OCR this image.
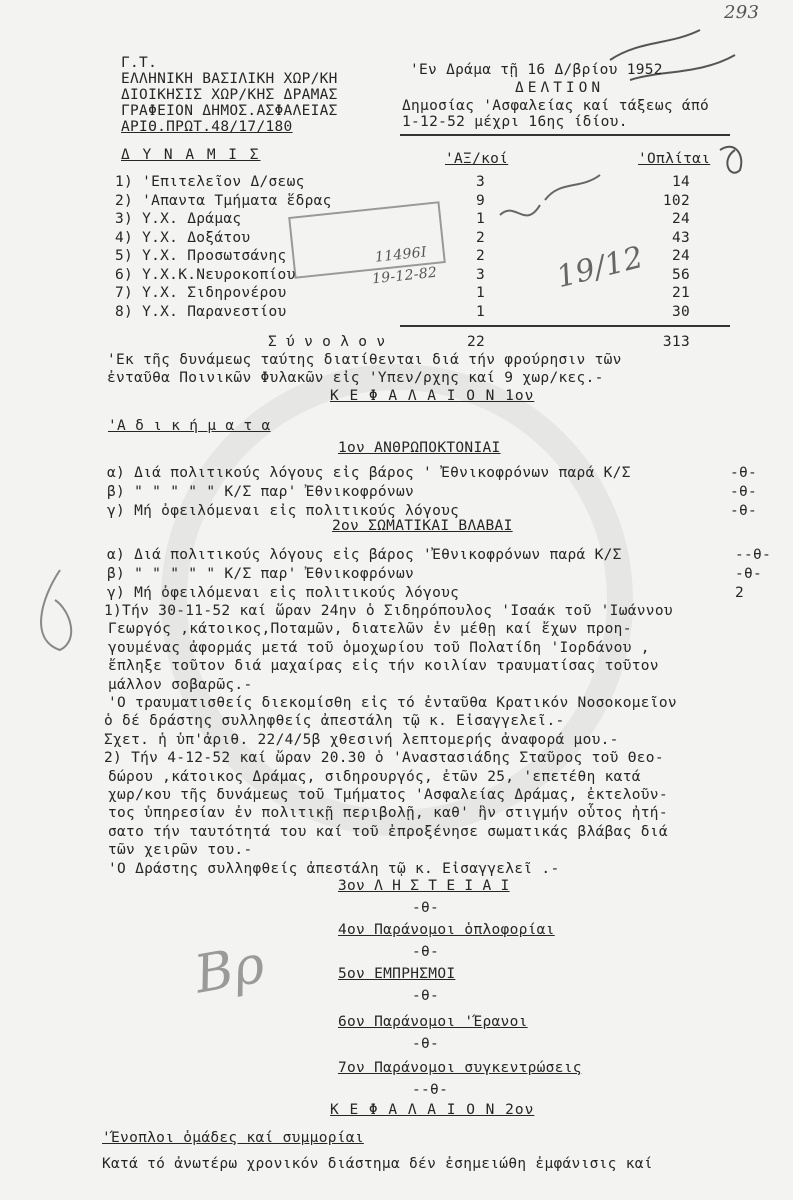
293
11496Ι
19-12-82	19/12
Βρ
Γ.Τ.
ΕΛΛΗΝΙΚΗ ΒΑΣΙΛΙΚΗ ΧΩΡ/ΚΗ
ΔΙΟΙΚΗΣΙΣ ΧΩΡ/ΚΗΣ ΔΡΑΜΑΣ
ΓΡΑΦΕΙΟΝ ΔΗΜΟΣ.ΑΣΦΑΛΕΙΑΣ
ΑΡΙΘ.ΠΡΩΤ.48/17/180
'Εν Δράμα τῇ 16 Δ/βρίου 1952
ΔΕΛΤΙΟΝ
Δημοσίας 'Ασφαλείας καί τάξεως άπό
1-12-52 μέχρι 16ης ίδίου.
Δ Υ Ν Α Μ Ι Σ	'ΑΞ/κοί	'Οπλίται
Σ ύ ν ο λ ο ν	22	313
'Εκ τῆς δυνάμεως ταύτης διατίθενται διά τήν φρούρησιν τῶν
ἐνταῦθα Ποινικῶν Φυλακῶν εἰς 'Υπεν/ρχης καί 9 χωρ/κες.-
Κ Ε Φ Α Λ Α Ι Ο Ν 1ον
'Α δ ι κ ή μ α τ α
1ον ΑΝΘΡΩΠΟΚΤΟΝΙΑΙ
2ον ΣΩΜΑΤΙΚΑΙ ΒΛΑΒΑΙ
Κ Ε Φ Α Λ Α Ι Ο Ν 2ον
'Ένοπλοι ὁμάδες καί συμμορίαι
Κατά τό ἀνωτέρω χρονικόν διάστημα δέν ἐσημειώθη ἐμφάνισις καί
1) 'Επιτελεῖον Δ/σεως	3	14
2) 'Απαντα Τμήματα ἕδρας	9	102
3) Υ.Χ. Δράμας	1	24
4) Υ.Χ. Δοξάτου	2	43
5) Υ.Χ. Προσωτσάνης	2	24
6) Υ.Χ.Κ.Νευροκοπίου	3	56
7) Υ.Χ. Σιδηρονέρου	1	21
8) Υ.Χ. Παρανεστίου	1	30
α) Διά πολιτικούς λόγους εἰς βάρος ' Ἐθνικοφρόνων παρά Κ/Σ	-θ-
β) " " " " " Κ/Σ παρ' Ἐθνικοφρόνων	-θ-
γ) Μή ὀφειλόμεναι εἰς πολιτικούς λόγους	-θ-
α) Διά πολιτικούς λόγους εἰς βάρος 'Ἐθνικοφρόνων παρά Κ/Σ	--θ-
β) " " " " " Κ/Σ παρ' Ἐθνικοφρόνων	-θ-
γ) Μή ὀφειλόμεναι εἰς πολιτικούς λόγους	2
1)Τήν 30-11-52 καί ὥραν 24ην ὁ Σιδηρόπουλος 'Ισαάκ τοῦ 'Ιωάννου
Γεωργός ,κάτοικος,Ποταμῶν, διατελῶν ἐν μέθῃ καί ἔχων προη-
γουμένας ἀφορμάς μετά τοῦ ὁμοχωρίου τοῦ Πολατίδη 'Ιορδάνου ,
ἔπληξε τοῦτον διά μαχαίρας εἰς τήν κοιλίαν τραυματίσας τοῦτον
μάλλον σοβαρῶς.-
'Ο τραυματισθείς διεκομίσθη εἰς τό ἐνταῦθα Κρατικόν Νοσοκομεῖον
ὁ δέ δράστης συλληφθείς ἀπεστάλη τῷ κ. Εἰσαγγελεῖ.-
Σχετ. ἡ ὑπ'ἀριθ. 22/4/5β χθεσινή λεπτομερής ἀναφορά μου.-
2) Τήν 4-12-52 καί ὥραν 20.30 ὁ 'Αναστασιάδης Σταῦρος τοῦ Θεο-
δώρου ,κάτοικος Δράμας, σιδηρουργός, ἐτῶν 25, 'επετέθη κατά
χωρ/κου τῆς δυνάμεως τοῦ Τμήματος 'Ασφαλείας Δράμας, ἐκτελοῦν-
τος ὑπηρεσίαν ἐν πολιτικῇ περιβολῇ, καθ' ἣν στιγμήν οὗτος ἠτή-
σατο τήν ταυτότητά του καί τοῦ ἐπροξένησε σωματικάς βλάβας διά
τῶν χειρῶν του.-
'Ο Δράστης συλληφθείς ἀπεστάλη τῷ κ. Εἰσαγγελεῖ .-
3ον Λ Η Σ Τ Ε Ι Α Ι
-θ-
4ον Παράνομοι ὁπλοφορίαι
-θ-
5ον ΕΜΠΡΗΣΜΟΙ
-θ-
6ον Παράνομοι 'Έρανοι
-θ-
7ον Παράνομοι συγκεντρώσεις
--θ-
